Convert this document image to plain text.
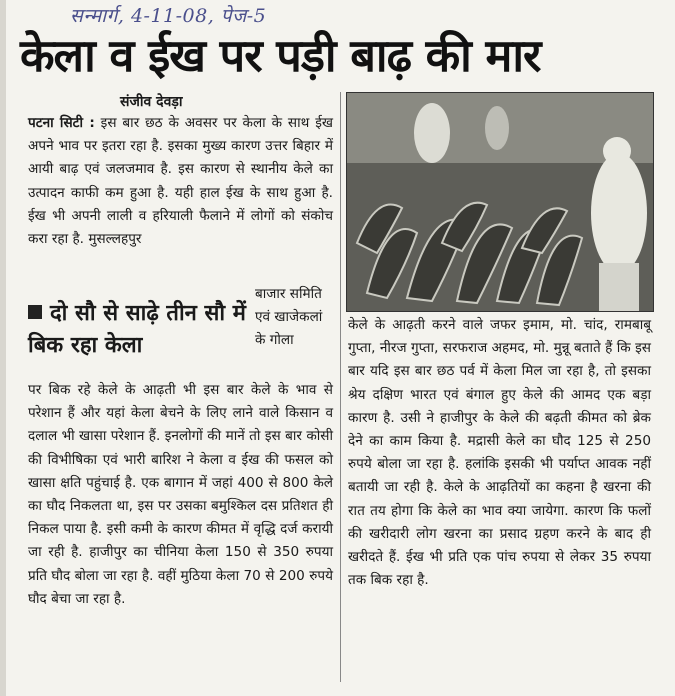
सन्मार्ग, 4-11-08, पेज-5
केला व ईख पर पड़ी बाढ़ की मार
संजीव देवड़ा
पटना सिटी : इस बार छठ के अवसर पर केला के साथ ईख अपने भाव पर इतरा रहा है. इसका मुख्य कारण उत्तर बिहार में आयी बाढ़ एवं जलजमाव है. इस कारण से स्थानीय केले का उत्पादन काफी कम हुआ है. यही हाल ईख के साथ हुआ है. ईख भी अपनी लाली व हरियाली फैलाने में लोगों को संकोच करा रहा है. मुसल्लहपुर
दो सौ से साढ़े तीन सौ में बिक रहा केला
बाजार समिति एवं खाजेकलां के गोला
पर बिक रहे केले के आढ़ती भी इस बार केले के भाव से परेशान हैं और यहां केला बेचने के लिए लाने वाले किसान व दलाल भी खासा परेशान हैं. इनलोगों की मानें तो इस बार कोसी की विभीषिका एवं भारी बारिश ने केला व ईख की फसल को खासा क्षति पहुंचाई है. एक बागान में जहां 400 से 800 केले का घौद निकलता था, इस पर उसका बमुश्किल दस प्रतिशत ही निकल पाया है. इसी कमी के कारण कीमत में वृद्धि दर्ज करायी जा रही है. हाजीपुर का चीनिया केला 150 से 350 रुपया प्रति घौद बोला जा रहा है. वहीं मुठिया केला 70 से 200 रुपये घौद बेचा जा रहा है.
केले के आढ़ती करने वाले जफर इमाम, मो. चांद, रामबाबू गुप्ता, नीरज गुप्ता, सरफराज अहमद, मो. मुन्नू बताते हैं कि इस बार यदि इस बार छठ पर्व में केला मिल जा रहा है, तो इसका श्रेय दक्षिण भारत एवं बंगाल हुए केले की आमद एक बड़ा कारण है. उसी ने हाजीपुर के केले की बढ़ती कीमत को ब्रेक देने का काम किया है. मद्रासी केले का घौद 125 से 250 रुपये बोला जा रहा है. हलांकि इसकी भी पर्याप्त आवक नहीं बतायी जा रही है. केले के आढ़तियों का कहना है खरना की रात तय होगा कि केले का भाव क्या जायेगा. कारण कि फलों की खरीदारी लोग खरना का प्रसाद ग्रहण करने के बाद ही खरीदते हैं. ईख भी प्रति एक पांच रुपया से लेकर 35 रुपया तक बिक रहा है.
